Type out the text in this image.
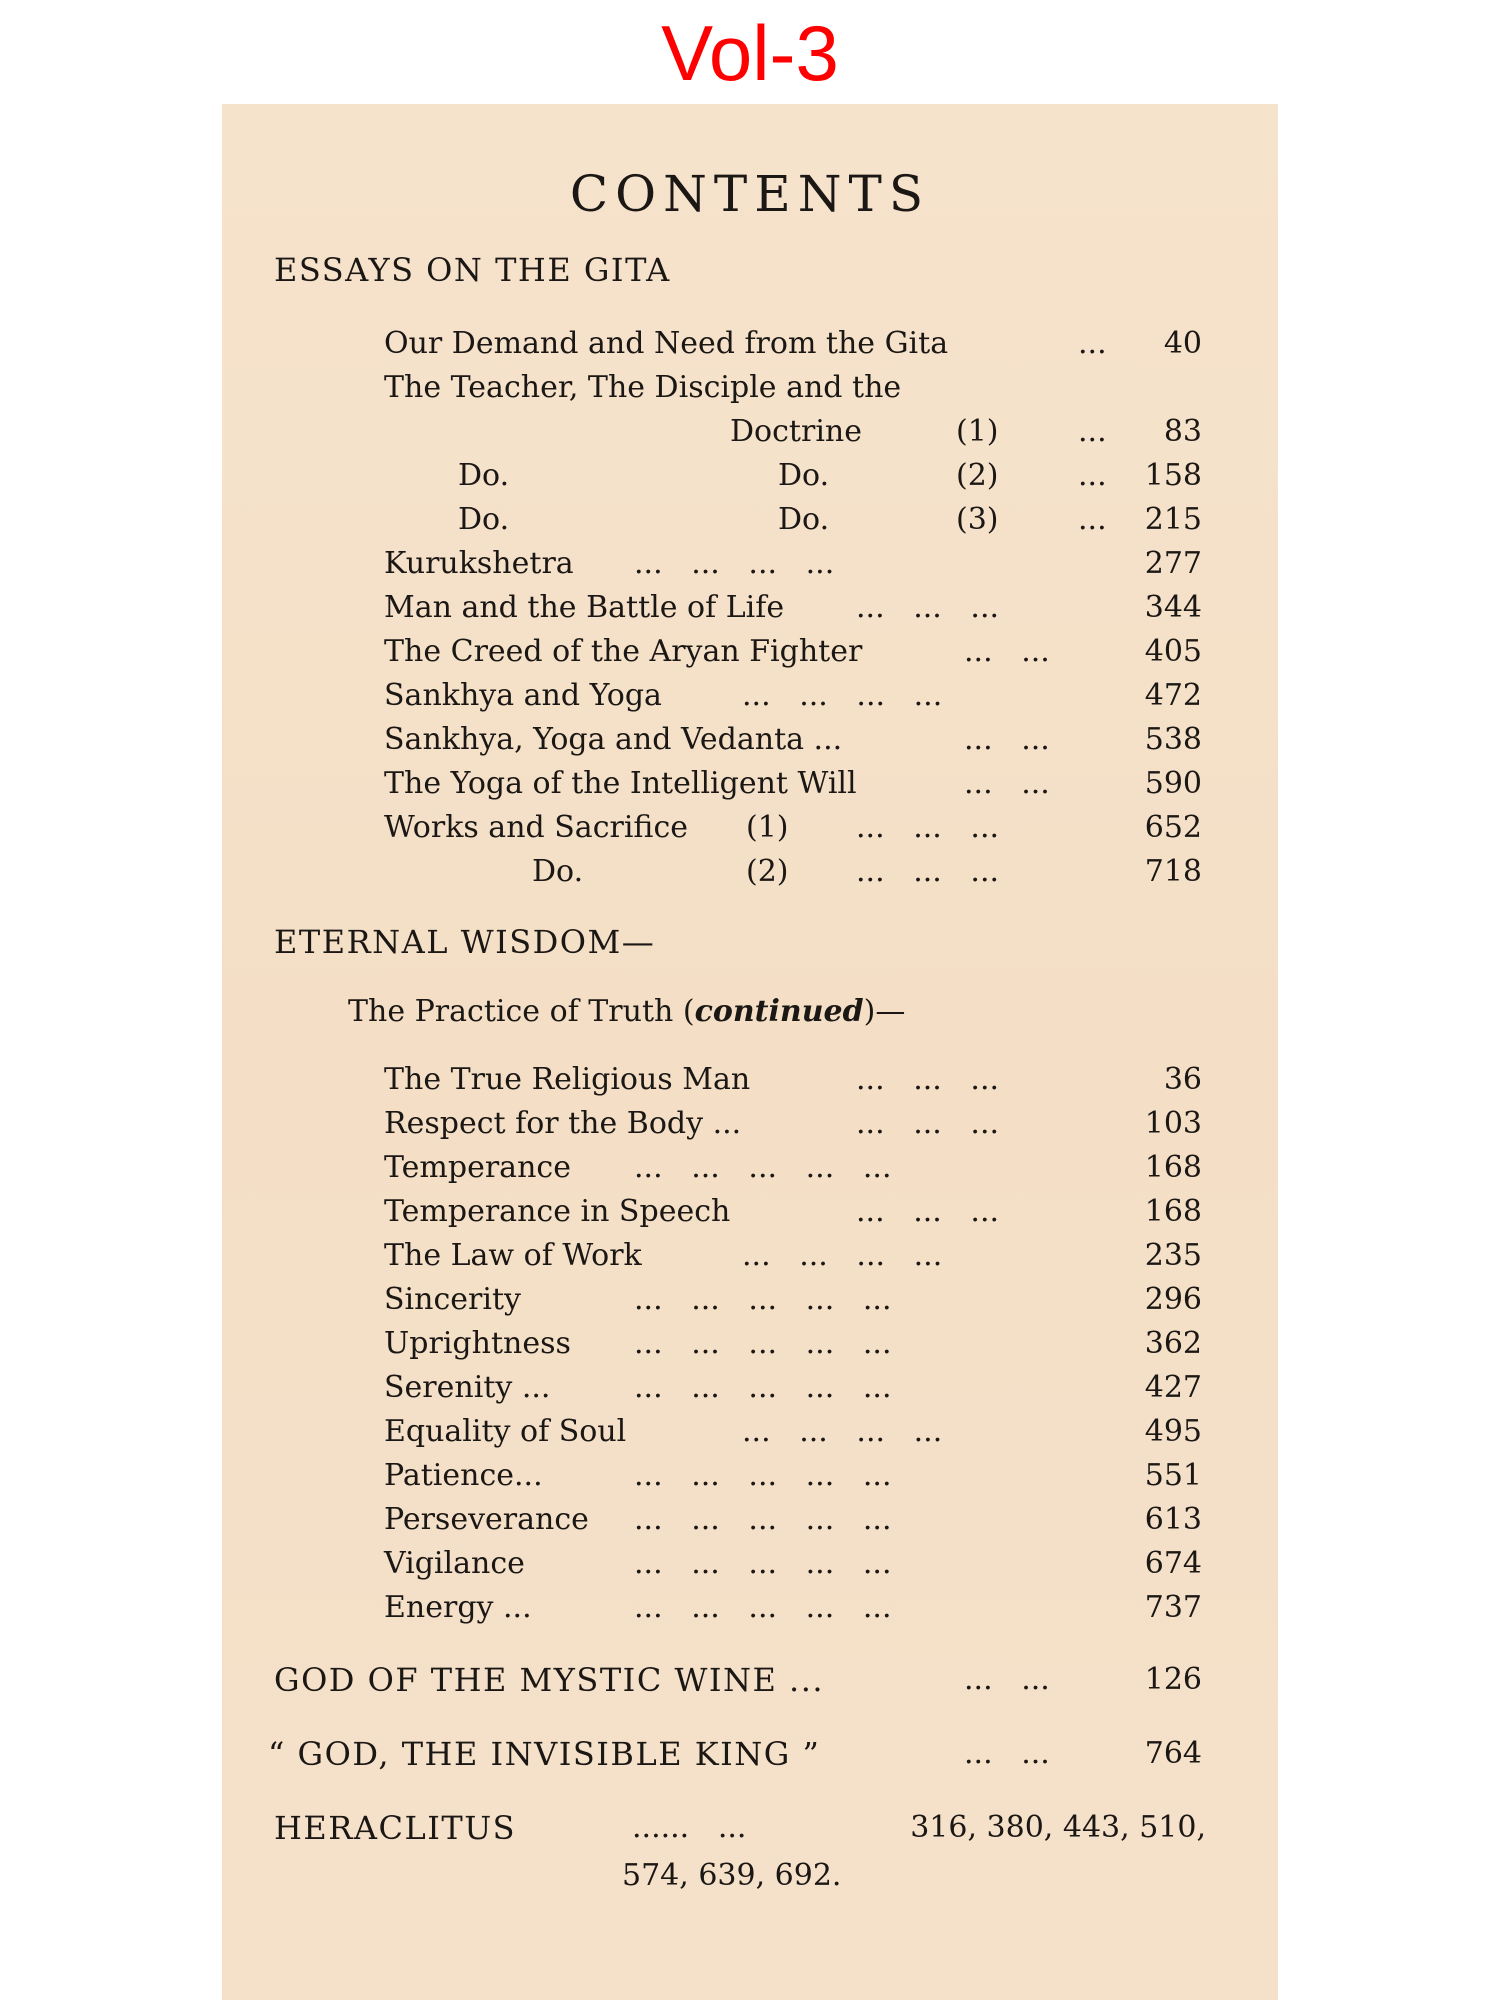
Vol-3
CONTENTS
ESSAYS ON THE GITA
Our Demand and Need from the Gita	... 40
The Teacher, The Disciple and the
Doctrine	(1)	... 83
Do.	Do.	(2)	... 158
Do.	Do.	(3)	... 215
Kurukshetra ...   ...   ...   ...	277
Man and the Battle of Life ...   ...   ...	344
The Creed of the Aryan Fighter	...   ...	405
Sankhya and Yoga	...   ...   ...   ...	472
Sankhya, Yoga and Vedanta ...	...   ...	538
The Yoga of the Intelligent Will	...   ...	590
Works and Sacrifice (1) ...   ...   ...	652
Do.	(2) ...   ...   ...	718
ETERNAL WISDOM—
The Practice of Truth (continued)—
The True Religious Man	...   ...   ...	36
Respect for the Body ...	...   ...   ...	103
Temperance ...   ...   ...   ...   ...	168
Temperance in Speech	...   ...   ...	168
The Law of Work	...   ...   ...   ...	235
Sincerity	...   ...   ...   ...   ...	296
Uprightness ...   ...   ...   ...   ...	362
Serenity ...	...   ...   ...   ...   ...	427
Equality of Soul	...   ...   ...   ...	495
Patience...	...   ...   ...   ...   ...	551
Perseverance ...   ...   ...   ...   ...	613
Vigilance	...   ...   ...   ...   ...	674
Energy ...	...   ...   ...   ...   ...	737
GOD OF THE MYSTIC WINE ...	...   ...	126
“ GOD, THE INVISIBLE KING ”	...   ...	764
HERACLITUS	......   ...	316, 380, 443, 510,
574, 639, 692.
